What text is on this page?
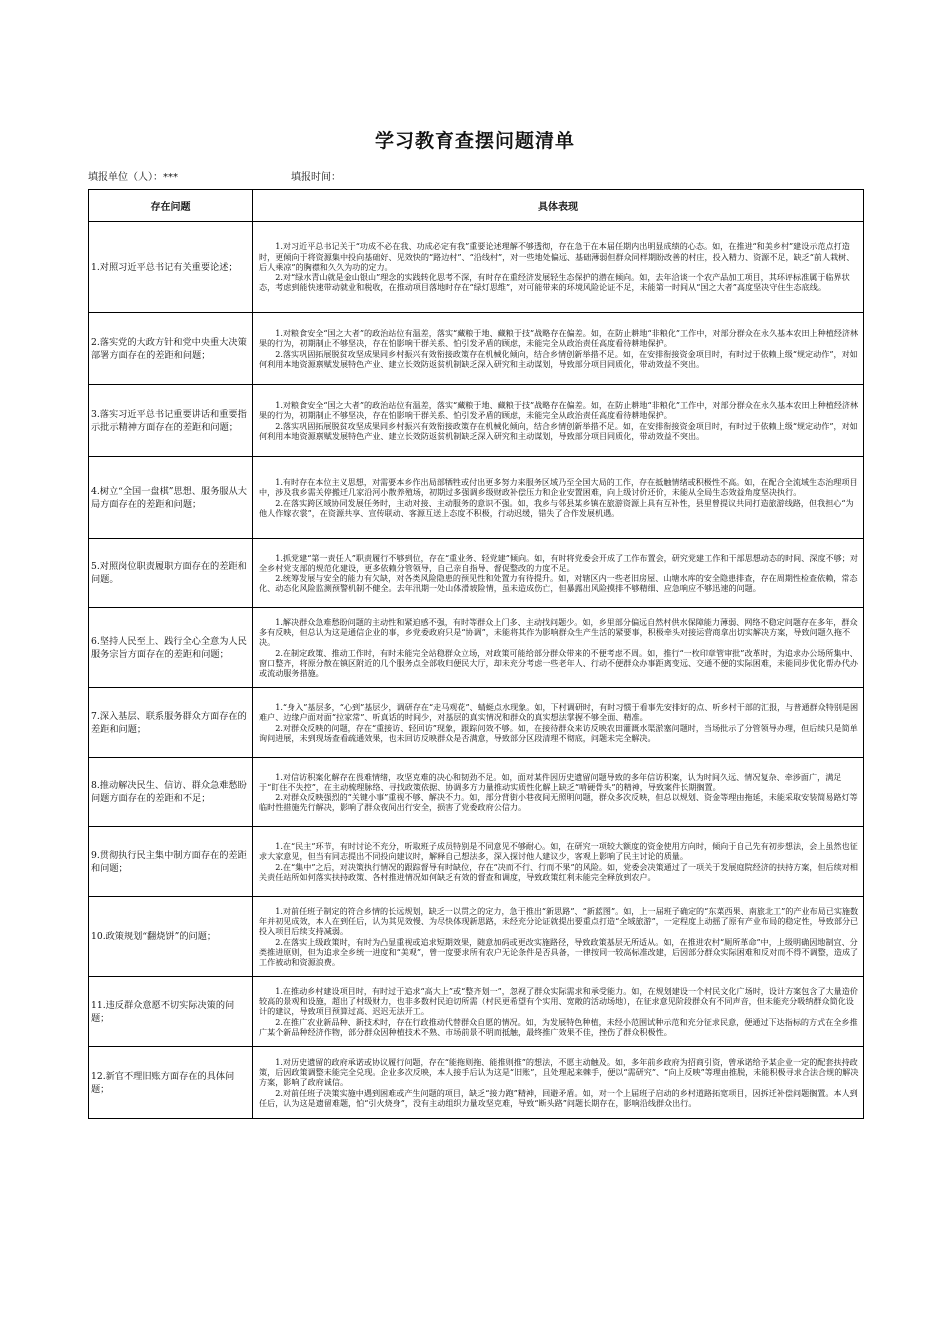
学习教育查摆问题清单
填报单位（人）：***	填报时间：
存在问题	具体表现
1.对照习近平总书记有关重要论述；	1.对习近平总书记关于“功成不必在我、功成必定有我”重要论述理解不够透彻，存在急于在本届任期内出明显成绩的心态。如，在推进“和美乡村”建设示范点打造时，更倾向于将资源集中投向基础好、见效快的“路边村”、“沿线村”，对一些地处偏远、基础薄弱但群众同样期盼改善的村庄，投入精力、资源不足，缺乏“前人栽树、后人乘凉”的胸襟和久久为功的定力。

2.对“绿水青山就是金山银山”理念的实践转化思考不深，有时存在重经济发展轻生态保护的潜在倾向。如，去年洽谈一个农产品加工项目，其环评标准属于临界状态，考虑到能快速带动就业和税收，在推动项目落地时存在“绿灯思维”，对可能带来的环境风险论证不足，未能第一时间从“国之大者”高度坚决守住生态底线。

2.落实党的大政方针和党中央重大决策部署方面存在的差距和问题；	1.对粮食安全“国之大者”的政治站位有温差，落实“藏粮于地、藏粮于技”战略存在偏差。如，在防止耕地“非粮化”工作中，对部分群众在永久基本农田上种植经济林果的行为，初期制止不够坚决，存在怕影响干群关系、怕引发矛盾的顾虑，未能完全从政治责任高度看待耕地保护。

2.落实巩固拓展脱贫攻坚成果同乡村振兴有效衔接政策存在机械化倾向，结合乡情创新举措不足。如，在安排衔接资金项目时，有时过于依赖上级“规定动作”，对如何利用本地资源禀赋发展特色产业、建立长效防返贫机制缺乏深入研究和主动谋划，导致部分项目同质化，带动效益不突出。

3.落实习近平总书记重要讲话和重要指示批示精神方面存在的差距和问题；	1.对粮食安全“国之大者”的政治站位有温差，落实“藏粮于地、藏粮于技”战略存在偏差。如，在防止耕地“非粮化”工作中，对部分群众在永久基本农田上种植经济林果的行为，初期制止不够坚决，存在怕影响干群关系、怕引发矛盾的顾虑，未能完全从政治责任高度看待耕地保护。

2.落实巩固拓展脱贫攻坚成果同乡村振兴有效衔接政策存在机械化倾向，结合乡情创新举措不足。如，在安排衔接资金项目时，有时过于依赖上级“规定动作”，对如何利用本地资源禀赋发展特色产业、建立长效防返贫机制缺乏深入研究和主动谋划，导致部分项目同质化，带动效益不突出。

4.树立“全国一盘棋”思想、服务服从大局方面存在的差距和问题；	1.有时存在本位主义思想，对需要本乡作出局部牺牲或付出更多努力来服务区域乃至全国大局的工作，存在抵触情绪或积极性不高。如，在配合全流域生态治理项目中，涉及我乡需关停搬迁几家沿河小散养殖场，初期过多强调乡级财政补偿压力和企业安置困难，向上级讨价还价，未能从全局生态效益角度坚决执行。

2.在落实跨区域协同发展任务时，主动对接、主动服务的意识不强。如，我乡与邻县某乡镇在旅游资源上具有互补性，县里曾提议共同打造旅游线路，但我担心“为他人作嫁衣裳”，在资源共享、宣传联动、客源互送上态度不积极，行动迟缓，错失了合作发展机遇。

5.对照岗位职责履职方面存在的差距和问题。	1.抓党建“第一责任人”职责履行不够到位，存在“重业务、轻党建”倾向。如，有时将党委会开成了工作布置会，研究党建工作和干部思想动态的时间、深度不够；对全乡村党支部的规范化建设，更多依赖分管领导，自己亲自指导、督促整改的力度不足。

2.统筹发展与安全的能力有欠缺，对各类风险隐患的预见性和处置力有待提升。如，对辖区内一些老旧房屋、山塘水库的安全隐患排查，存在周期性检查依赖，常态化、动态化风险监测预警机制不健全。去年汛期一处山体滑坡险情，虽未造成伤亡，但暴露出风险摸排不够精细、应急响应不够迅速的问题。

6.坚持人民至上、践行全心全意为人民服务宗旨方面存在的差距和问题；	1.解决群众急难愁盼问题的主动性和紧迫感不强，有时等群众上门多、主动找问题少。如，乡里部分偏远自然村供水保障能力薄弱、网络不稳定问题存在多年，群众多有反映，但总认为这是通信企业的事，乡党委政府只是“协调”，未能将其作为影响群众生产生活的紧要事，积极牵头对接运营商拿出切实解决方案，导致问题久拖不决。

2.在制定政策、推动工作时，有时未能完全站稳群众立场，对政策可能给部分群众带来的不便考虑不周。如，推行“一枚印章管审批”改革时，为追求办公场所集中、窗口整齐，将原分散在镇区附近的几个服务点全部收归便民大厅，却未充分考虑一些老年人、行动不便群众办事距离变远、交通不便的实际困难，未能同步优化帮办代办或流动服务措施。

7.深入基层、联系服务群众方面存在的差距和问题；	1.“身入”基层多，“心到”基层少，调研存在“走马观花”、蜻蜓点水现象。如，下村调研时，有时习惯于看事先安排好的点、听乡村干部的汇报，与普通群众特别是困难户、边缘户面对面“拉家常”、听真话的时间少，对基层的真实情况和群众的真实想法掌握不够全面、精准。

2.对群众反映的问题，存在“重接访、轻回访”现象，跟踪问效不够。如，在接待群众来访反映农田灌溉水渠淤塞问题时，当场批示了分管领导办理，但后续只是简单询问进展，未到现场查看疏通效果，也未回访反映群众是否满意，导致部分区段清理不彻底，问题未完全解决。

8.推动解决民生、信访、群众急难愁盼问题方面存在的差距和不足；	1.对信访积案化解存在畏难情绪，攻坚克难的决心和韧劲不足。如，面对某件因历史遗留问题导致的多年信访积案，认为时间久远、情况复杂、牵涉面广，满足于“盯住不失控”，在主动梳理脉络、寻找政策依据、协调多方力量推动实质性化解上缺乏“啃硬骨头”的精神，导致案件长期搁置。

2.对群众反映强烈的“关键小事”重视不够、解决不力。如，部分背街小巷夜间无照明问题，群众多次反映，但总以规划、资金等理由拖延，未能采取安装简易路灯等临时性措施先行解决，影响了群众夜间出行安全，损害了党委政府公信力。

9.贯彻执行民主集中制方面存在的差距和问题；	1.在“民主”环节，有时讨论不充分，听取班子成员特别是不同意见不够耐心。如，在研究一项较大额度的资金使用方向时，倾向于自己先有初步想法，会上虽然也征求大家意见，但当有同志提出不同投向建议时，解释自己想法多，深入探讨他人建议少，客观上影响了民主讨论的质量。

2.在“集中”之后，对决策执行情况的跟踪督导有时缺位，存在“决而不行、行而不果”的风险。如，党委会决策通过了一项关于发展庭院经济的扶持方案，但后续对相关责任站所如何落实扶持政策、各村推进情况如何缺乏有效的督查和调度，导致政策红利未能完全释放到农户。

10.政策规划“翻烧饼”的问题；	1.对前任班子制定的符合乡情的长远规划，缺乏一以贯之的定力，急于推出“新思路”、“新蓝图”。如，上一届班子确定的“东菜西果、南旅北工”的产业布局已实施数年并初见成效，本人在到任后，认为其见效慢、为尽快体现新思路，未经充分论证就提出要重点打造“全域旅游”，一定程度上动摇了原有产业布局的稳定性，导致部分已投入项目后续支持减弱。

2.在落实上级政策时，有时为凸显重视或追求短期效果，随意加码或更改实施路径，导致政策基层无所适从。如，在推进农村“厕所革命”中，上级明确因地制宜、分类推进原则，但为追求全乡统一进度和“美观”，曾一度要求所有农户无论条件是否具备，一律按同一较高标准改建，后因部分群众实际困难和反对而不得不调整，造成了工作被动和资源浪费。

11.违反群众意愿不切实际决策的问题；	1.在推动乡村建设项目时，有时过于追求“高大上”或“整齐划一”，忽视了群众实际需求和承受能力。如，在规划建设一个村民文化广场时，设计方案包含了大量造价较高的景观和设施，超出了村级财力，也非多数村民迫切所需（村民更希望有个实用、宽敞的活动场地），在征求意见阶段群众有不同声音，但未能充分吸纳群众简化设计的建议，导致项目预算过高、迟迟无法开工。

2.在推广农业新品种、新技术时，存在行政推动代替群众自愿的情况。如，为发展特色种植，未经小范围试种示范和充分征求民意，便通过下达指标的方式在全乡推广某个新品种经济作物，部分群众因种植技术不熟、市场前景不明而抵触，最终推广效果不佳，挫伤了群众积极性。

12.新官不理旧账方面存在的具体问题；	1.对历史遗留的政府承诺或协议履行问题，存在“能拖则拖、能推则推”的想法，不愿主动触及。如，多年前乡政府为招商引资，曾承诺给予某企业一定的配套扶持政策，后因政策调整未能完全兑现。企业多次反映，本人接手后认为这是“旧账”，且处理起来棘手，便以“需研究”、“向上反映”等理由推脱，未能积极寻求合法合规的解决方案，影响了政府诚信。

2.对前任班子决策实施中遇到困难或产生问题的项目，缺乏“接力跑”精神，回避矛盾。如，对一个上届班子启动的乡村道路拓宽项目，因拆迁补偿问题搁置。本人到任后，认为这是遗留难题，怕“引火烧身”，没有主动组织力量攻坚克难，导致“断头路”问题长期存在，影响沿线群众出行。
